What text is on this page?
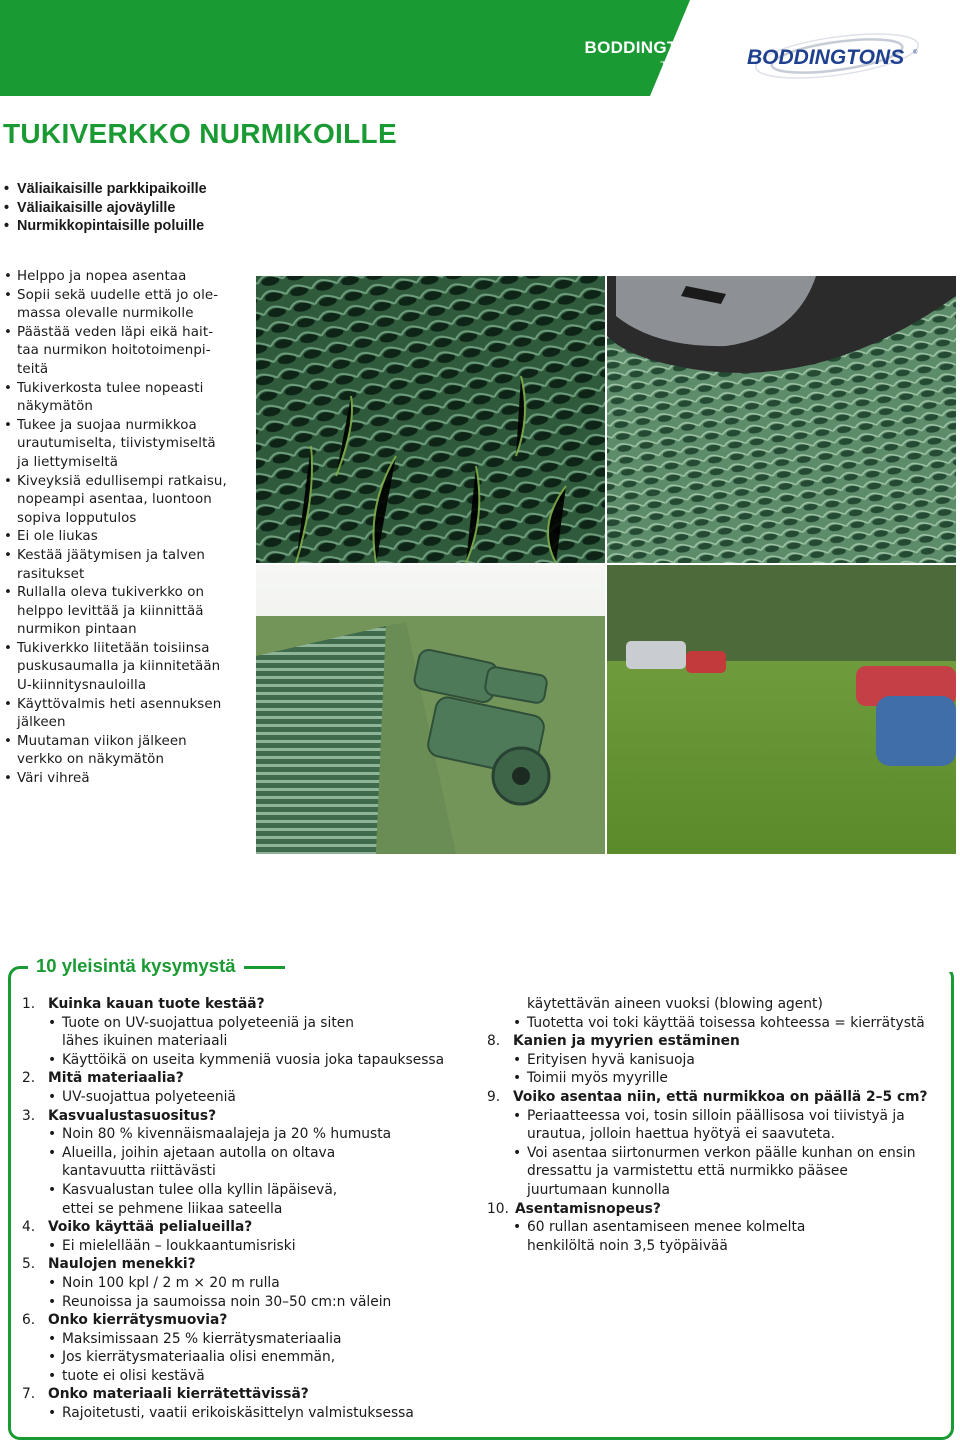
BODDINGTONS
Tukiverkot BODDINGTONS ®
TUKIVERKKO NURMIKOILLE
• Väliaikaisille parkkipaikoille
• Väliaikaisille ajoväylille
• Nurmikkopintaisille poluille
• Helppo ja nopea asentaa
• Sopii sekä uudelle että jo ole-
massa olevalle nurmikolle
• Päästää veden läpi eikä hait-
taa nurmikon hoitotoimenpi-
teitä
• Tukiverkosta tulee nopeasti
näkymätön
• Tukee ja suojaa nurmikkoa
urautumiselta, tiivistymiseltä
ja liettymiseltä
• Kiveyksiä edullisempi ratkaisu,
nopeampi asentaa, luontoon
sopiva lopputulos
• Ei ole liukas
• Kestää jäätymisen ja talven
rasitukset
• Rullalla oleva tukiverkko on
helppo levittää ja kiinnittää
nurmikon pintaan
• Tukiverkko liitetään toisiinsa
puskusaumalla ja kiinnitetään
U-kiinnitysnauloilla
• Käyttövalmis heti asennuksen
jälkeen
• Muutaman viikon jälkeen
verkko on näkymätön
• Väri vihreä
10 yleisintä kysymystä
1. Kuinka kauan tuote kestää?
• Tuote on UV-suojattua polyeteeniä ja siten
lähes ikuinen materiaali
• Käyttöikä on useita kymmeniä vuosia joka tapauksessa
2. Mitä materiaalia?
• UV-suojattua polyeteeniä
3. Kasvualustasuositus?
• Noin 80 % kivennäismaalajeja ja 20 % humusta
• Alueilla, joihin ajetaan autolla on oltava
kantavuutta riittävästi
• Kasvualustan tulee olla kyllin läpäisevä,
ettei se pehmene liikaa sateella
4. Voiko käyttää pelialueilla?
• Ei mielellään – loukkaantumisriski
5. Naulojen menekki?
• Noin 100 kpl / 2 m × 20 m rulla
• Reunoissa ja saumoissa noin 30–50 cm:n välein
6. Onko kierrätysmuovia?
• Maksimissaan 25 % kierrätysmateriaalia
• Jos kierrätysmateriaalia olisi enemmän,
• tuote ei olisi kestävä
7. Onko materiaali kierrätettävissä?
• Rajoitetusti, vaatii erikoiskäsittelyn valmistuksessa
käytettävän aineen vuoksi (blowing agent)
• Tuotetta voi toki käyttää toisessa kohteessa = kierrätystä
8. Kanien ja myyrien estäminen
• Erityisen hyvä kanisuoja
• Toimii myös myyrille
9. Voiko asentaa niin, että nurmikkoa on päällä 2–5 cm?
• Periaatteessa voi, tosin silloin päällisosa voi tiivistyä ja
urautua, jolloin haettua hyötyä ei saavuteta.
• Voi asentaa siirtonurmen verkon päälle kunhan on ensin
dressattu ja varmistettu että nurmikko pääsee
juurtumaan kunnolla
10. Asentamisnopeus?
• 60 rullan asentamiseen menee kolmelta
henkilöltä noin 3,5 työpäivää
